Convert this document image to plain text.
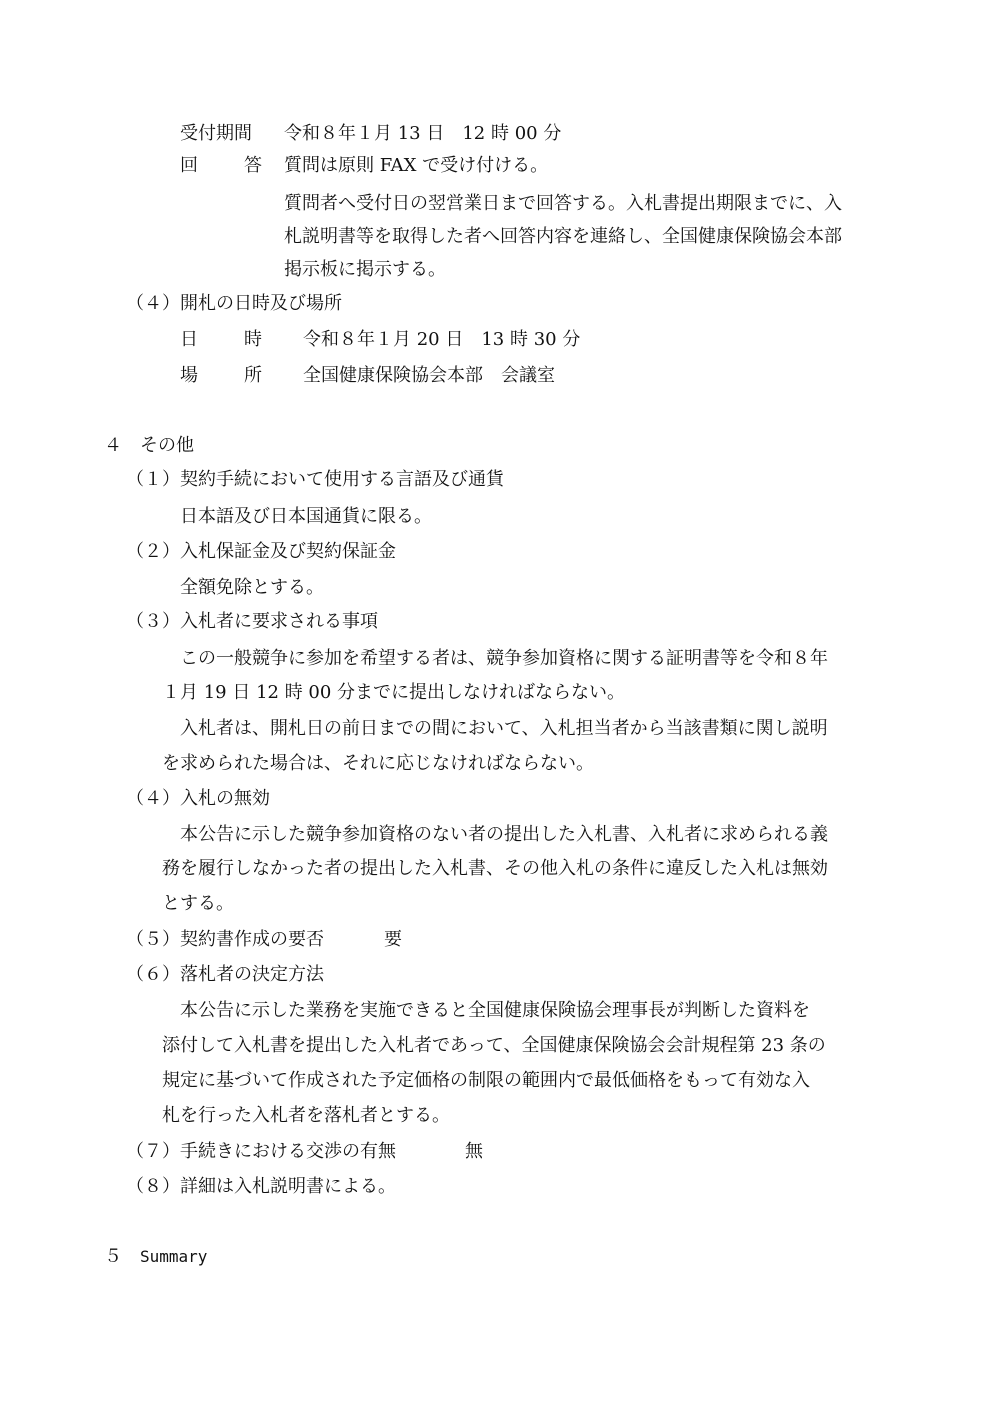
受付期間 令和８年１月 13 日　12 時 00 分
回	答 質問は原則 FAX で受け付ける。
質問者へ受付日の翌営業日まで回答する。入札書提出期限までに、入
札説明書等を取得した者へ回答内容を連絡し、全国健康保険協会本部
掲示板に掲示する。
（４）開札の日時及び場所
日	時 令和８年１月 20 日　13 時 30 分
場	所 全国健康保険協会本部　会議室
４　その他
（１）契約手続において使用する言語及び通貨
日本語及び日本国通貨に限る。
（２）入札保証金及び契約保証金
全額免除とする。
（３）入札者に要求される事項
この一般競争に参加を希望する者は、競争参加資格に関する証明書等を令和８年
１月 19 日 12 時 00 分までに提出しなければならない。
入札者は、開札日の前日までの間において、入札担当者から当該書類に関し説明
を求められた場合は、それに応じなければならない。
（４）入札の無効
本公告に示した競争参加資格のない者の提出した入札書、入札者に求められる義
務を履行しなかった者の提出した入札書、その他入札の条件に違反した入札は無効
とする。
（５）契約書作成の要否	要
（６）落札者の決定方法
本公告に示した業務を実施できると全国健康保険協会理事長が判断した資料を
添付して入札書を提出した入札者であって、全国健康保険協会会計規程第 23 条の
規定に基づいて作成された予定価格の制限の範囲内で最低価格をもって有効な入
札を行った入札者を落札者とする。
（７）手続きにおける交渉の有無	無
（８）詳細は入札説明書による。
５ Summary
